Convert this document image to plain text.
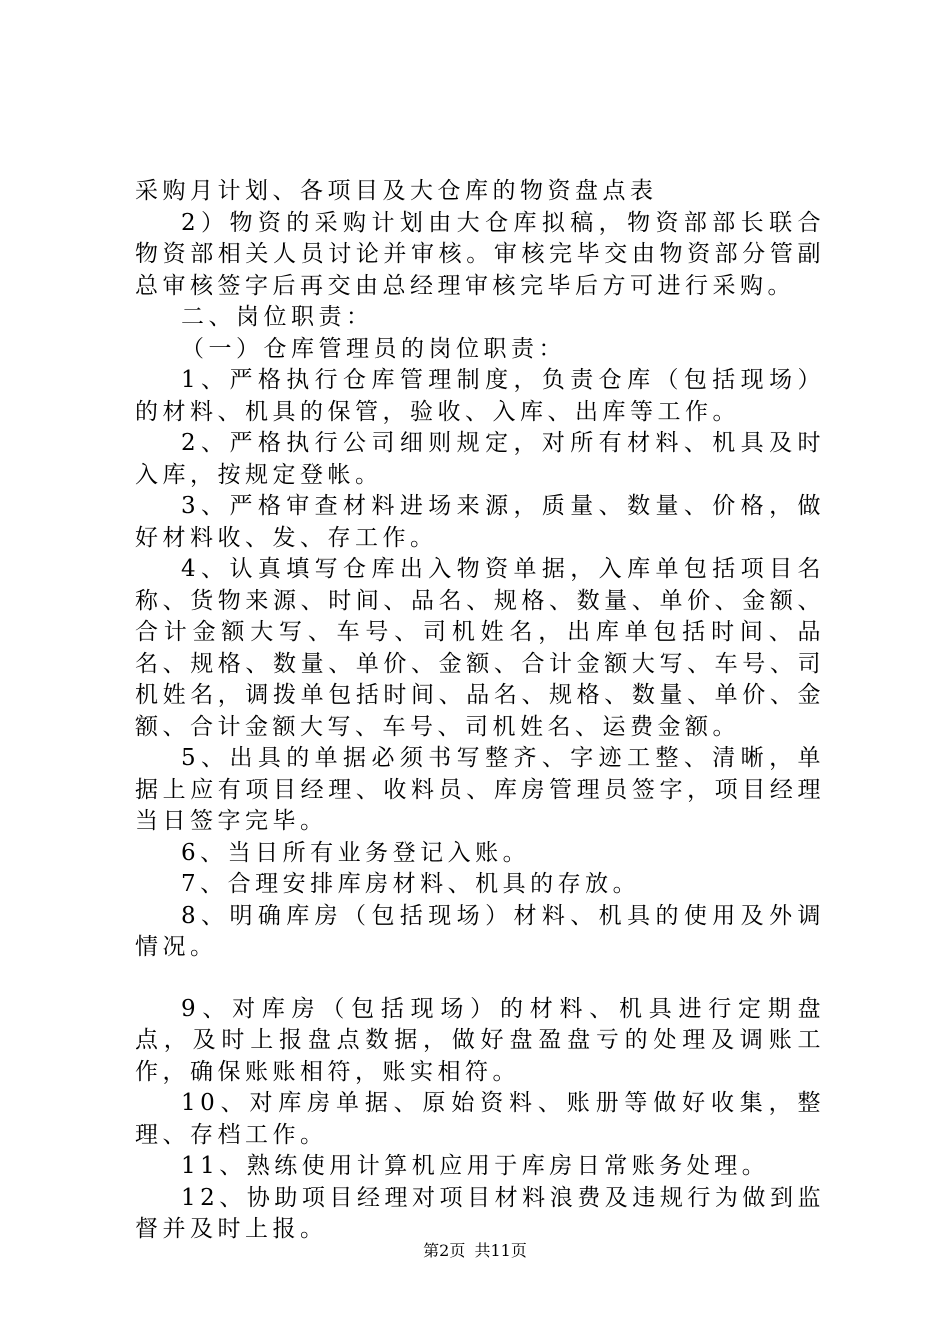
采购月计划、各项目及大仓库的物资盘点表

2）物资的采购计划由大仓库拟稿，物资部部长联合物资部相关人员讨论并审核。审核完毕交由物资部分管副总审核签字后再交由总经理审核完毕后方可进行采购。

二、岗位职责：

（一）仓库管理员的岗位职责：

1、严格执行仓库管理制度，负责仓库（包括现场）的材料、机具的保管，验收、入库、出库等工作。

2、严格执行公司细则规定，对所有材料、机具及时入库，按规定登帐。

3、严格审查材料进场来源，质量、数量、价格，做好材料收、发、存工作。

4、认真填写仓库出入物资单据，入库单包括项目名称、货物来源、时间、品名、规格、数量、单价、金额、合计金额大写、车号、司机姓名，出库单包括时间、品名、规格、数量、单价、金额、合计金额大写、车号、司机姓名，调拨单包括时间、品名、规格、数量、单价、金额、合计金额大写、车号、司机姓名、运费金额。

5、出具的单据必须书写整齐、字迹工整、清晰，单据上应有项目经理、收料员、库房管理员签字，项目经理当日签字完毕。

6、当日所有业务登记入账。

7、合理安排库房材料、机具的存放。

8、明确库房（包括现场）材料、机具的使用及外调情况。

9、对库房（包括现场）的材料、机具进行定期盘点，及时上报盘点数据，做好盘盈盘亏的处理及调账工作，确保账账相符，账实相符。

10、对库房单据、原始资料、账册等做好收集，整理、存档工作。

11、熟练使用计算机应用于库房日常账务处理。

12、协助项目经理对项目材料浪费及违规行为做到监督并及时上报。

第2页 共11页
